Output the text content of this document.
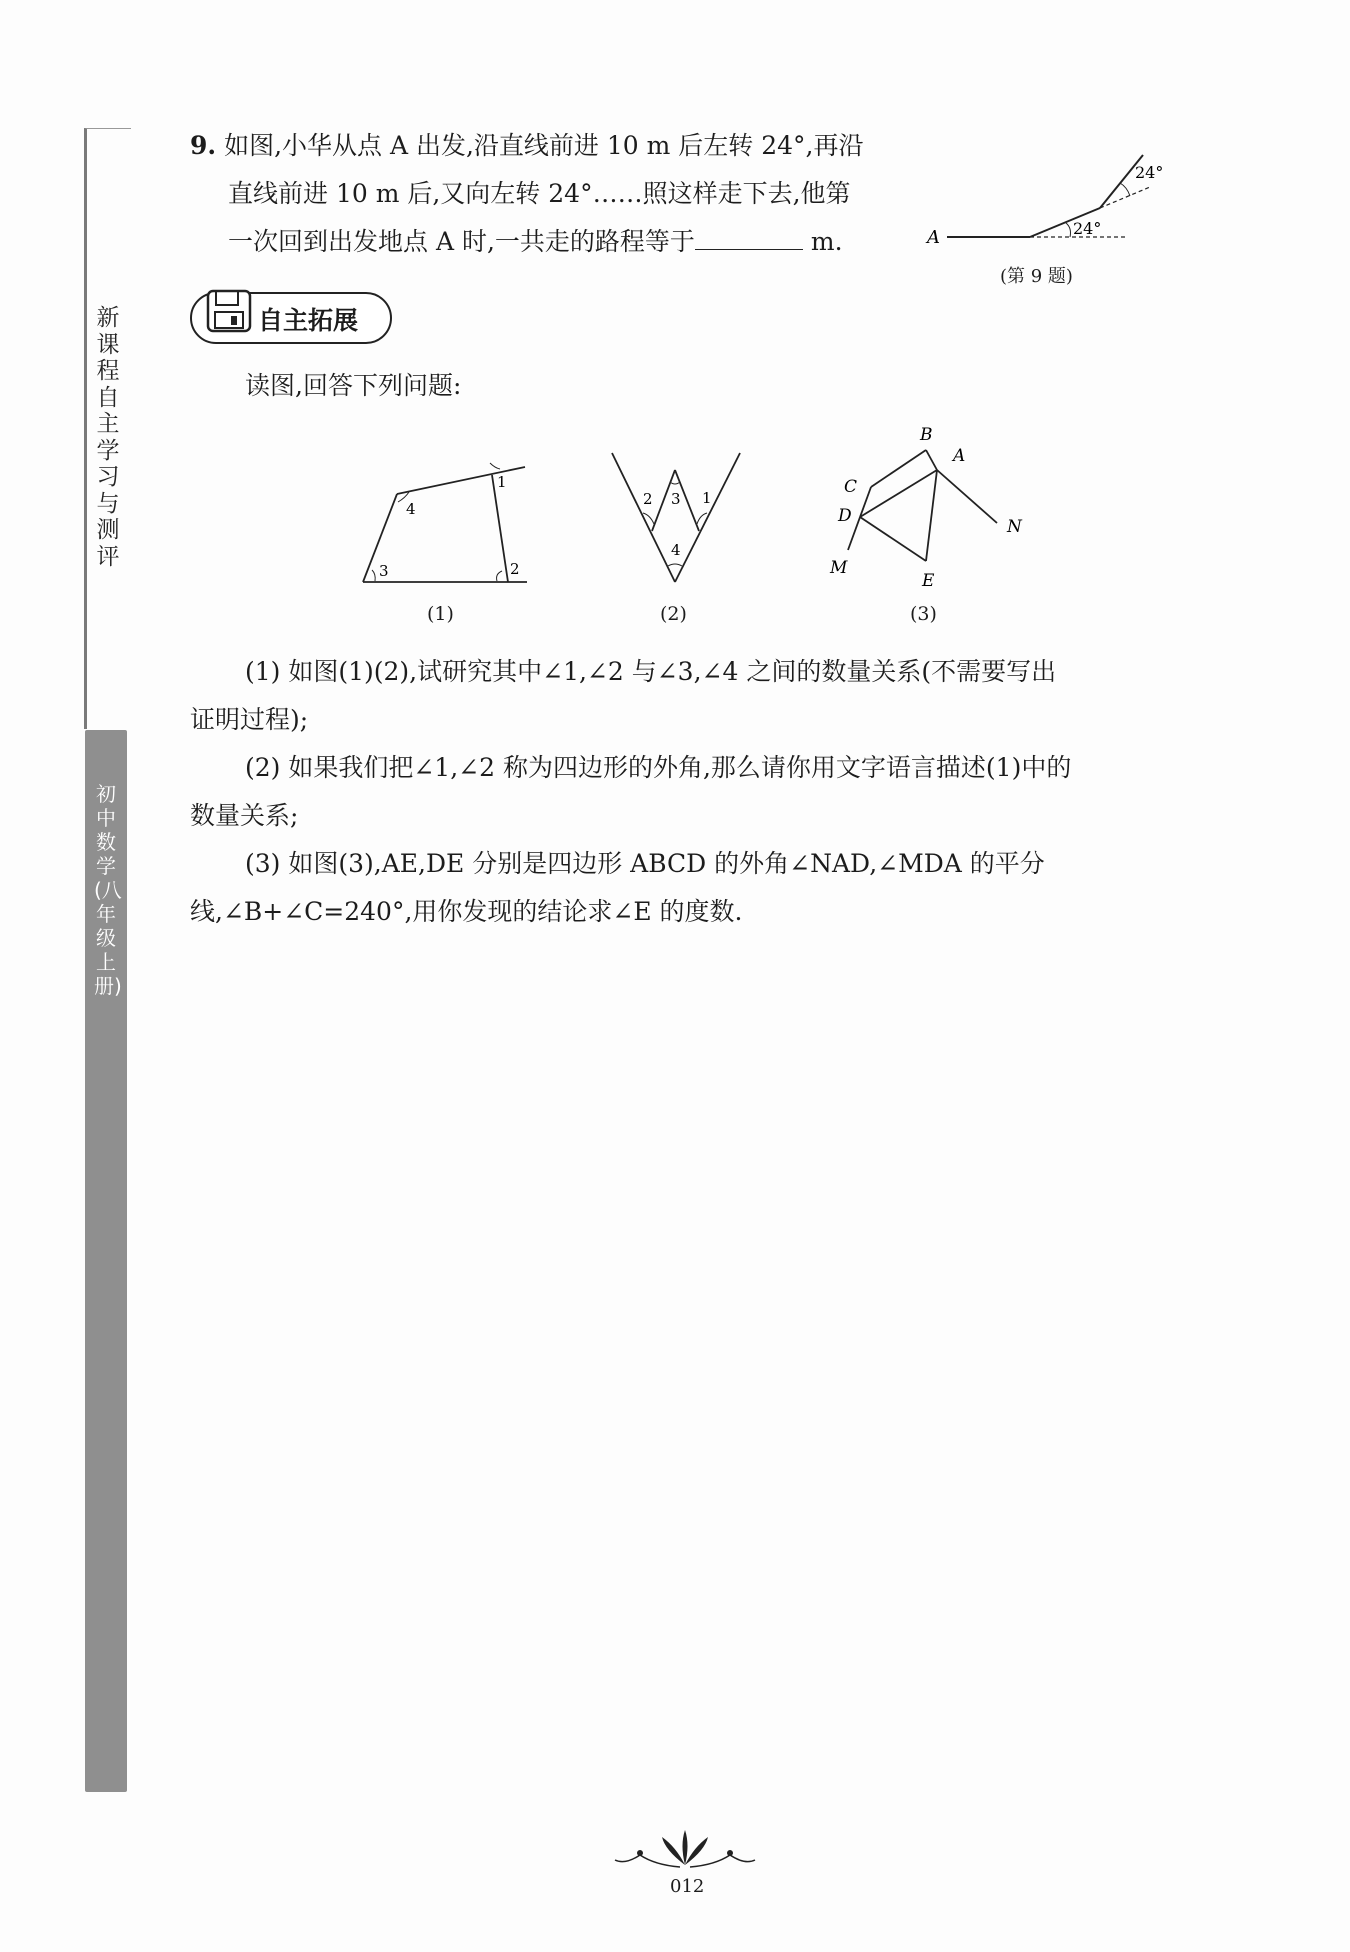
新课程自主学习与测评
初中数学(八年级上册)
9. 如图,小华从点 A 出发,沿直线前进 10 m 后左转 24°,再沿
直线前进 10 m 后,又向左转 24°……照这样走下去,他第
一次回到出发地点 A 时,一共走的路程等于	m.	A	24°
24°
(第 9 题)
自主拓展
读图,回答下列问题:
1
2
3
4
(1)
1
2 3
4
(2)
A
B
C
D
E
M
N
(3)
(1) 如图(1)(2),试研究其中∠1,∠2 与∠3,∠4 之间的数量关系(不需要写出
证明过程);
(2) 如果我们把∠1,∠2 称为四边形的外角,那么请你用文字语言描述(1)中的
数量关系;
(3) 如图(3),AE,DE 分别是四边形 ABCD 的外角∠NAD,∠MDA 的平分
线,∠B+∠C=240°,用你发现的结论求∠E 的度数.
012
